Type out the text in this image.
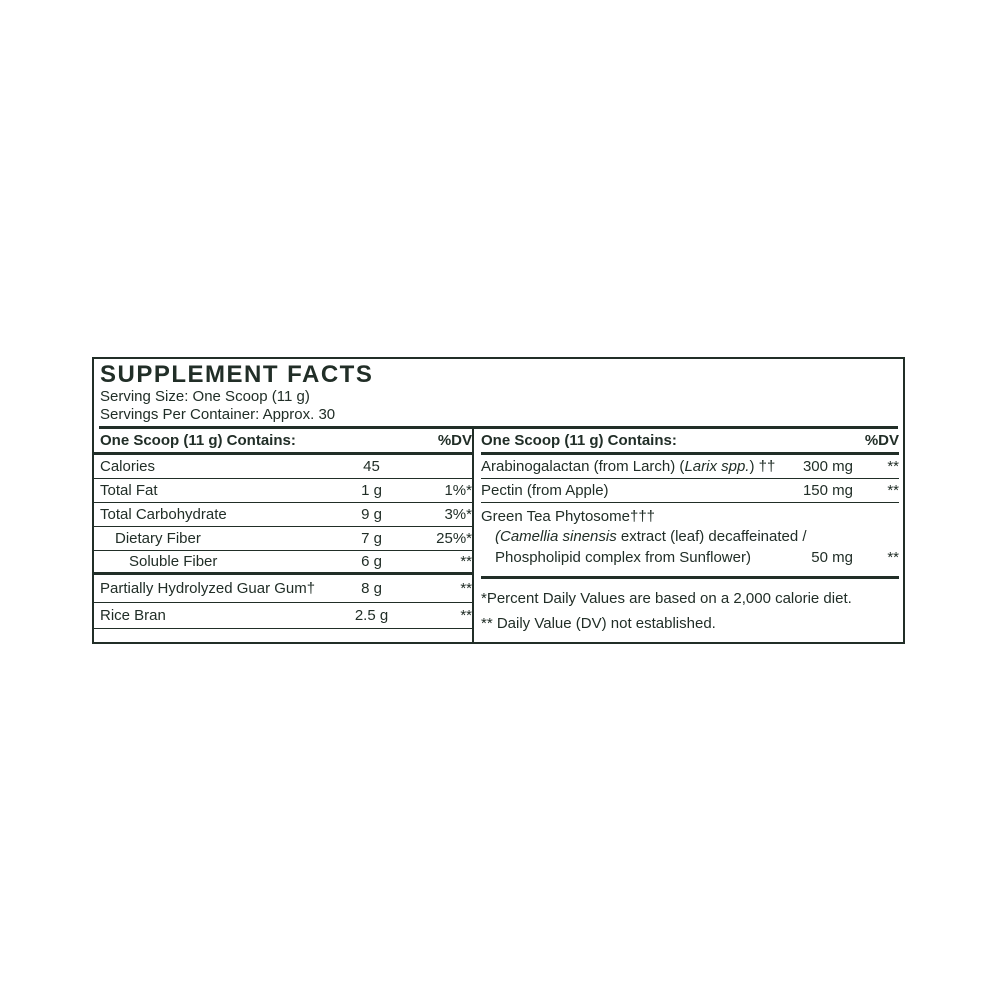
SUPPLEMENT FACTS
Serving Size: One Scoop (11 g)
Servings Per Container: Approx. 30
One Scoop (11 g) Contains:	%DV
Calories	45
Total Fat	1 g	1%*
Total Carbohydrate	9 g	3%*
Dietary Fiber	7 g	25%*
Soluble Fiber	6 g	**
Partially Hydrolyzed Guar Gum†	8 g	**
Rice Bran	2.5 g	**
One Scoop (11 g) Contains:	%DV
Arabinogalactan (from Larch) (Larix spp.) ††	300 mg	**
Pectin (from Apple)	150 mg	**
Green Tea Phytosome†††
(Camellia sinensis extract (leaf) decaffeinated /
Phospholipid complex from Sunflower)	50 mg	**
*Percent Daily Values are based on a 2,000 calorie diet.
** Daily Value (DV) not established.
